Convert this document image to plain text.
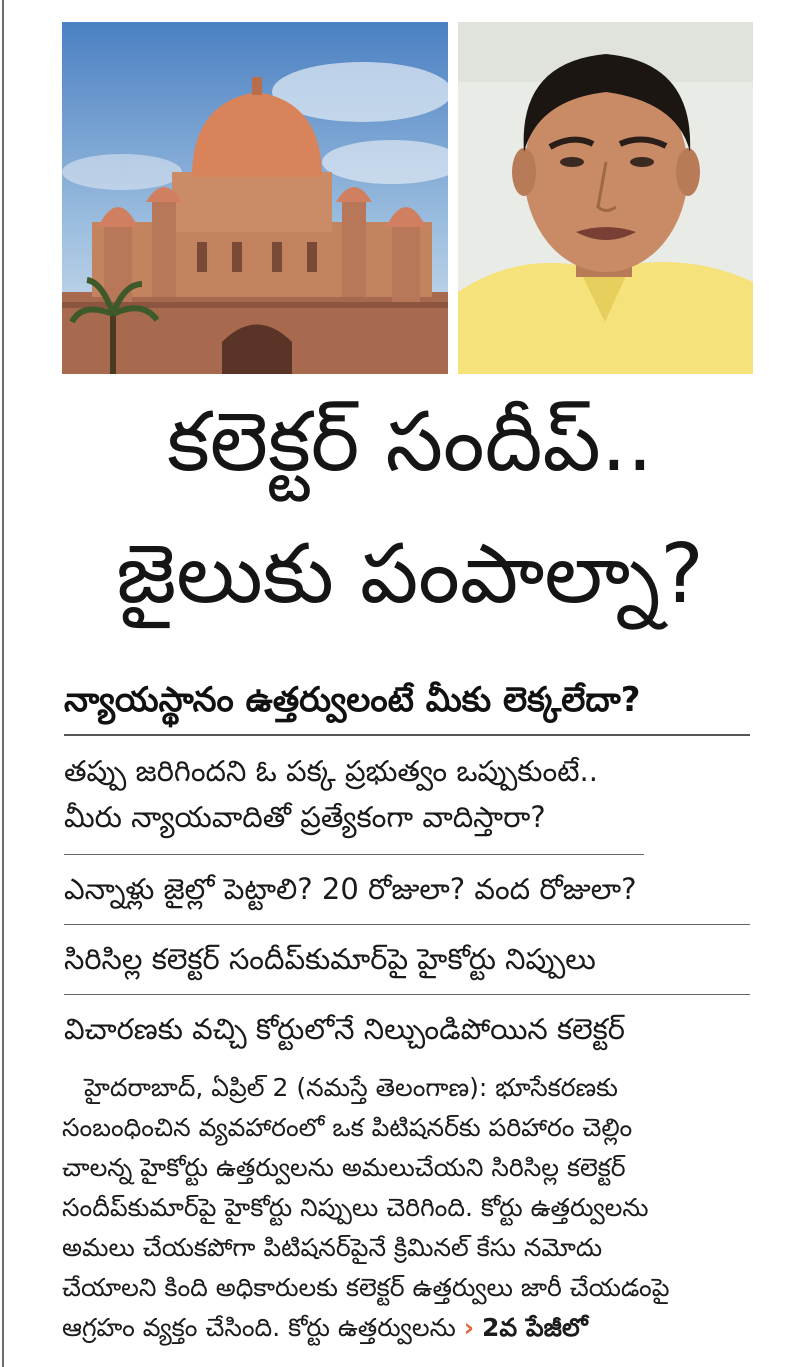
కలెక్టర్ సందీప్..
జైలుకు పంపాల్నా?
న్యాయస్థానం ఉత్తర్వులంటే మీకు లెక్కలేదా?
తప్పు జరిగిందని ఓ పక్క ప్రభుత్వం ఒప్పుకుంటే..
మీరు న్యాయవాదితో ప్రత్యేకంగా వాదిస్తారా?
ఎన్నాళ్లు జైల్లో పెట్టాలి? 20 రోజులా? వంద రోజులా?
సిరిసిల్ల కలెక్టర్ సందీప్‌కుమార్‌పై హైకోర్టు నిప్పులు
విచారణకు వచ్చి కోర్టులోనే నిల్చుండిపోయిన కలెక్టర్
హైదరాబాద్, ఏప్రిల్ 2 (నమస్తే తెలంగాణ): భూసేకరణకు
సంబంధించిన వ్యవహారంలో ఒక పిటిషనర్‌కు పరిహారం చెల్లిం
చాలన్న హైకోర్టు ఉత్తర్వులను అమలుచేయని సిరిసిల్ల కలెక్టర్
సందీప్‌కుమార్‌పై హైకోర్టు నిప్పులు చెరిగింది. కోర్టు ఉత్తర్వులను
అమలు చేయకపోగా పిటిషనర్‌పైనే క్రిమినల్ కేసు నమోదు
చేయాలని కింది అధికారులకు కలెక్టర్ ఉత్తర్వులు జారీ చేయడంపై
ఆగ్రహం వ్యక్తం చేసింది. కోర్టు ఉత్తర్వులను › 2వ పేజీలో
